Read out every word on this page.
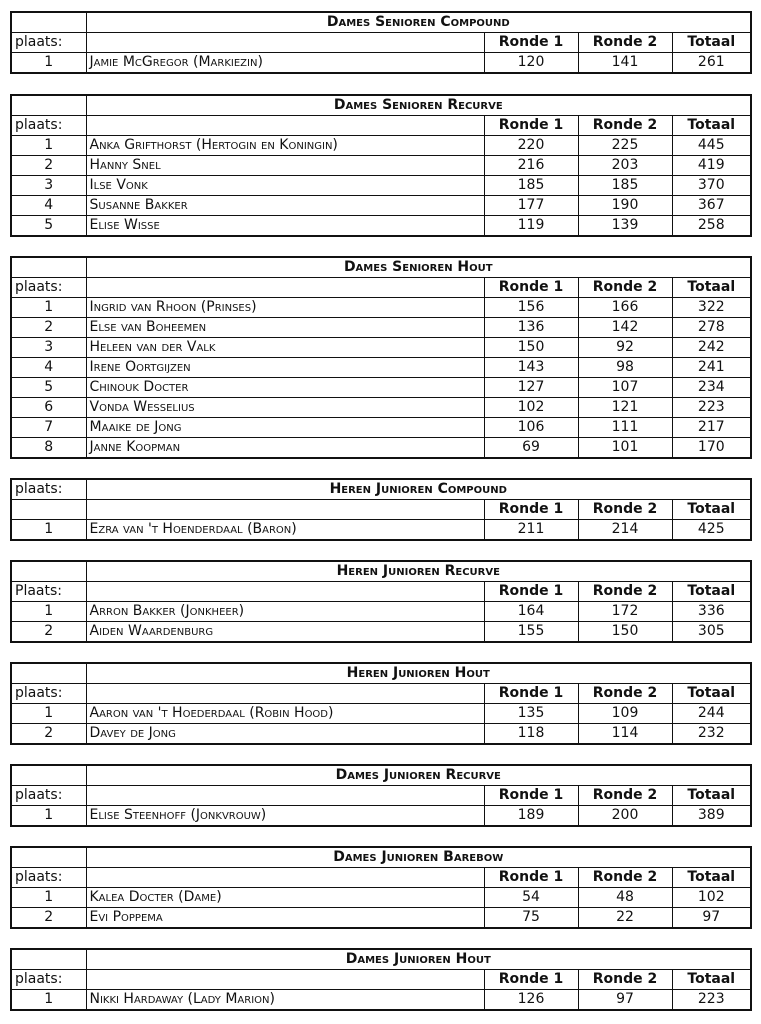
	Dames Senioren Compound			
plaats:		Ronde 1	Ronde 2	Totaal
1	Jamie McGregor (Markiezin)	120	141	261
	Dames Senioren Recurve			
plaats:		Ronde 1	Ronde 2	Totaal
1	Anka Grifthorst (Hertogin en Koningin)	220	225	445
2	Hanny Snel	216	203	419
3	Ilse Vonk	185	185	370
4	Susanne Bakker	177	190	367
5	Elise Wisse	119	139	258
	Dames Senioren Hout			
plaats:		Ronde 1	Ronde 2	Totaal
1	Ingrid van Rhoon (Prinses)	156	166	322
2	Else van Boheemen	136	142	278
3	Heleen van der Valk	150	92	242
4	Irene Oortgijzen	143	98	241
5	Chinouk Docter	127	107	234
6	Vonda Wesselius	102	121	223
7	Maaike de Jong	106	111	217
8	Janne Koopman	69	101	170
plaats:	Heren Junioren Compound			
		Ronde 1	Ronde 2	Totaal
1	Ezra van 't Hoenderdaal (Baron)	211	214	425
	Heren Junioren Recurve			
Plaats:		Ronde 1	Ronde 2	Totaal
1	Arron Bakker (Jonkheer)	164	172	336
2	Aiden Waardenburg	155	150	305
	Heren Junioren Hout			
plaats:		Ronde 1	Ronde 2	Totaal
1	Aaron van 't Hoederdaal (Robin Hood)	135	109	244
2	Davey de Jong	118	114	232
	Dames Junioren Recurve			
plaats:		Ronde 1	Ronde 2	Totaal
1	Elise Steenhoff (Jonkvrouw)	189	200	389
	Dames Junioren Barebow			
plaats:		Ronde 1	Ronde 2	Totaal
1	Kalea Docter (Dame)	54	48	102
2	Evi Poppema	75	22	97
	Dames Junioren Hout			
plaats:		Ronde 1	Ronde 2	Totaal
1	Nikki Hardaway (Lady Marion)	126	97	223
